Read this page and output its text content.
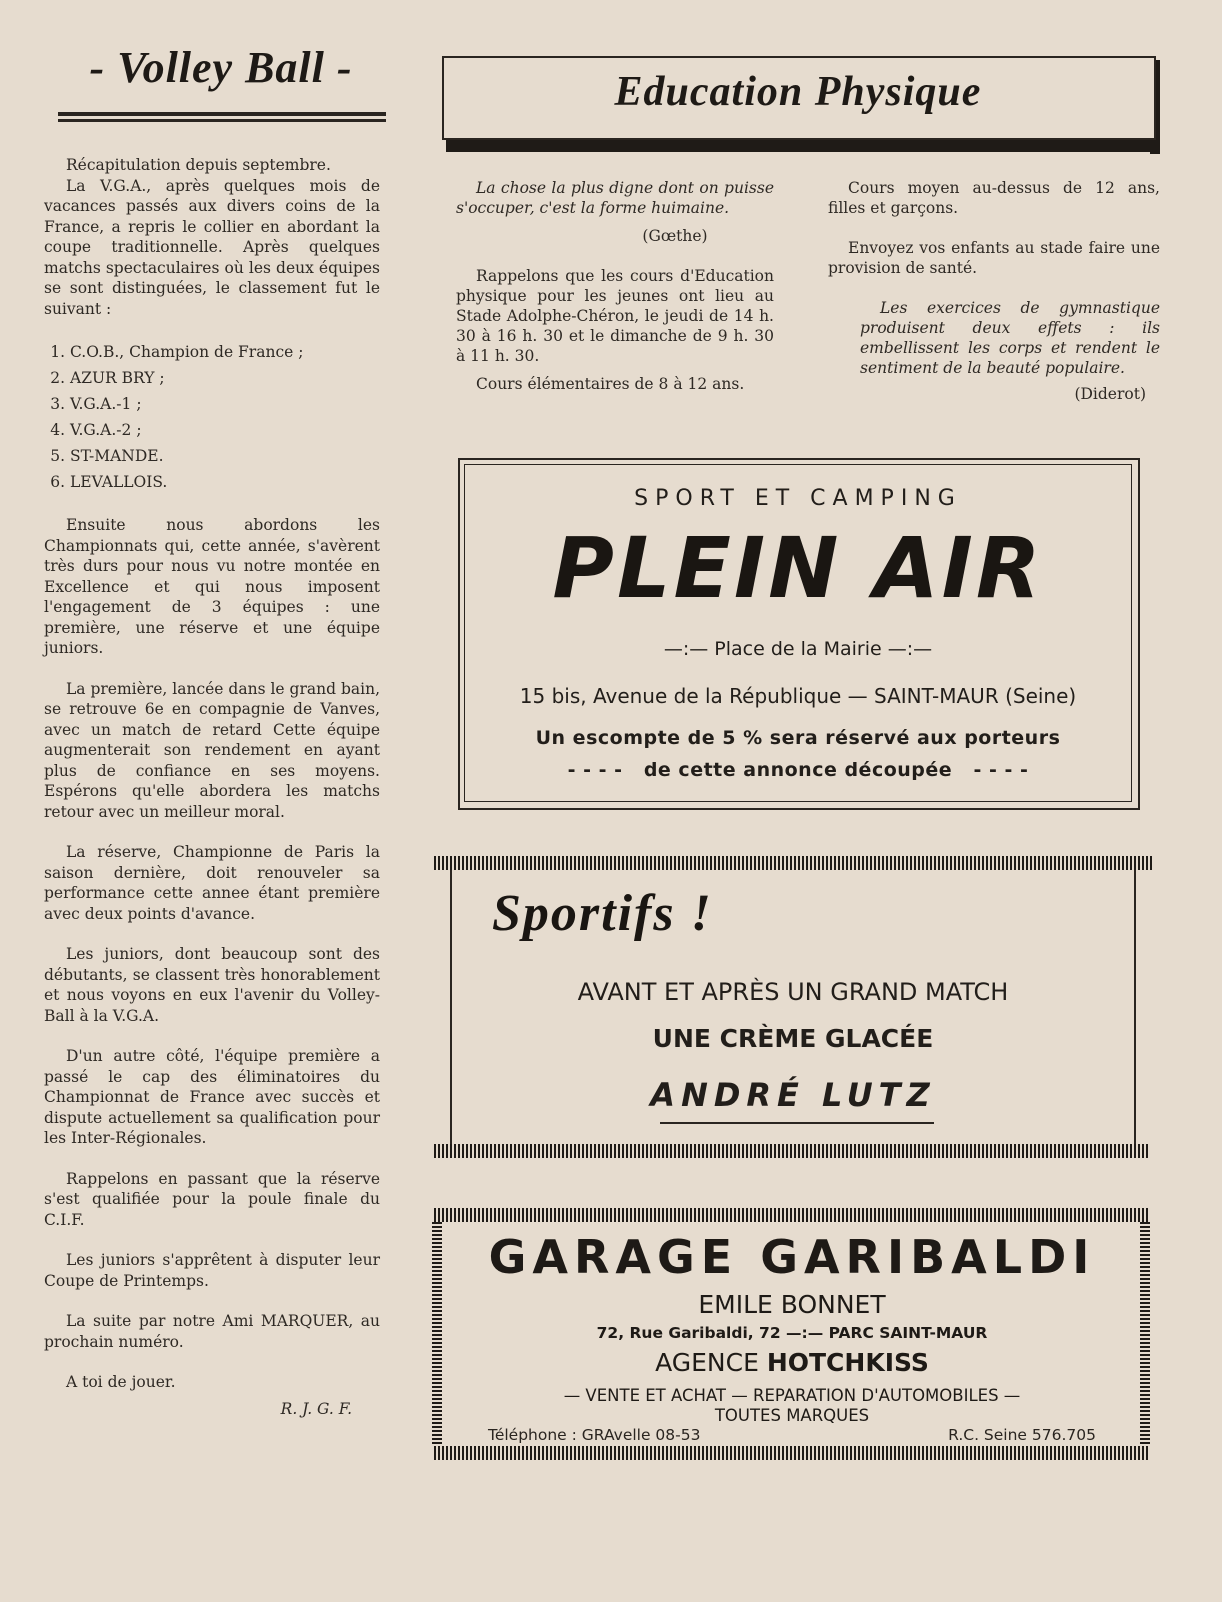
- Volley Ball -

Récapitulation depuis septembre.

La V.G.A., après quelques mois de vacances passés aux divers coins de la France, a repris le collier en abordant la coupe traditionnelle. Après quelques matchs spectaculaires où les deux équipes se sont distinguées, le classement fut le suivant :

1. C.O.B., Champion de France ;
2. AZUR BRY ;
3. V.G.A.-1 ;
4. V.G.A.-2 ;
5. ST-MANDE.
6. LEVALLOIS.

Ensuite nous abordons les Championnats qui, cette année, s'avèrent très durs pour nous vu notre montée en Excellence et qui nous imposent l'engagement de 3 équipes : une première, une réserve et une équipe juniors.

La première, lancée dans le grand bain, se retrouve 6e en compagnie de Vanves, avec un match de retard Cette équipe augmenterait son rendement en ayant plus de confiance en ses moyens. Espérons qu'elle abordera les matchs retour avec un meilleur moral.

La réserve, Championne de Paris la saison dernière, doit renouveler sa performance cette annee étant première avec deux points d'avance.

Les juniors, dont beaucoup sont des débutants, se classent très honorablement et nous voyons en eux l'avenir du Volley-Ball à la V.G.A.

D'un autre côté, l'équipe première a passé le cap des éliminatoires du Championnat de France avec succès et dispute actuellement sa qualification pour les Inter-Régionales.

Rappelons en passant que la réserve s'est qualifiée pour la poule finale du C.I.F.

Les juniors s'apprêtent à disputer leur Coupe de Printemps.

La suite par notre Ami MARQUER, au prochain numéro.

A toi de jouer.

R. J. G. F.
Education Physique

La chose la plus digne dont on puisse s'occuper, c'est la forme huimaine.

(Gœthe)

Rappelons que les cours d'Education physique pour les jeunes ont lieu au Stade Adolphe-Chéron, le jeudi de 14 h. 30 à 16 h. 30 et le dimanche de 9 h. 30 à 11 h. 30.

Cours élémentaires de 8 à 12 ans.

Cours moyen au-dessus de 12 ans, filles et garçons.

Envoyez vos enfants au stade faire une provision de santé.

Les exercices de gymnastique produisent deux effets : ils embellissent les corps et rendent le sentiment de la beauté populaire.

(Diderot)

SPORT ET CAMPING
PLEIN AIR
—:— Place de la Mairie —:—
15 bis, Avenue de la République — SAINT-MAUR (Seine)
Un escompte de 5 % sera réservé aux porteurs
- - - -   de cette annonce découpée   - - - -
Sportifs !
AVANT ET APRÈS UN GRAND MATCH
UNE CRÈME GLACÉE
ANDRÉ LUTZ
GARAGE GARIBALDI
EMILE BONNET
72, Rue Garibaldi, 72 —:— PARC SAINT-MAUR
AGENCE HOTCHKISS
— VENTE ET ACHAT — REPARATION D'AUTOMOBILES —
TOUTES MARQUES
Téléphone : GRAvelle 08-53	R.C. Seine 576.705
